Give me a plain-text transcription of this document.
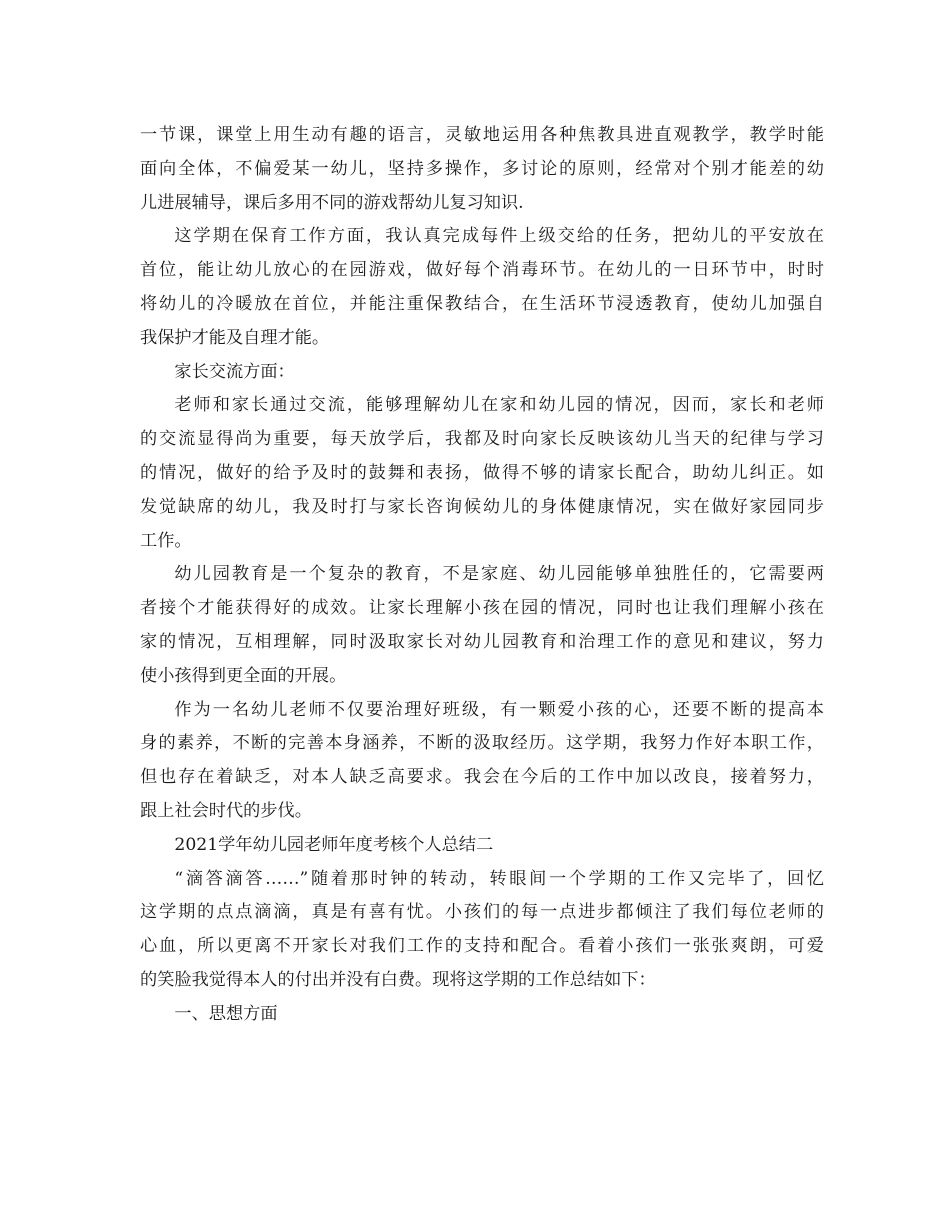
一节课，课堂上用生动有趣的语言，灵敏地运用各种焦教具进直观教学，教学时能
面向全体，不偏爱某一幼儿，坚持多操作，多讨论的原则，经常对个别才能差的幼
儿进展辅导，课后多用不同的游戏帮幼儿复习知识.
这学期在保育工作方面，我认真完成每件上级交给的任务，把幼儿的平安放在
首位，能让幼儿放心的在园游戏，做好每个消毒环节。在幼儿的一日环节中，时时
将幼儿的冷暖放在首位，并能注重保教结合，在生活环节浸透教育，使幼儿加强自
我保护才能及自理才能。
家长交流方面：
老师和家长通过交流，能够理解幼儿在家和幼儿园的情况，因而，家长和老师
的交流显得尚为重要，每天放学后，我都及时向家长反映该幼儿当天的纪律与学习
的情况，做好的给予及时的鼓舞和表扬，做得不够的请家长配合，助幼儿纠正。如
发觉缺席的幼儿，我及时打与家长咨询候幼儿的身体健康情况，实在做好家园同步
工作。
幼儿园教育是一个复杂的教育，不是家庭、幼儿园能够单独胜任的，它需要两
者接个才能获得好的成效。让家长理解小孩在园的情况，同时也让我们理解小孩在
家的情况，互相理解，同时汲取家长对幼儿园教育和治理工作的意见和建议，努力
使小孩得到更全面的开展。
作为一名幼儿老师不仅要治理好班级，有一颗爱小孩的心，还要不断的提高本
身的素养，不断的完善本身涵养，不断的汲取经历。这学期，我努力作好本职工作，
但也存在着缺乏，对本人缺乏高要求。我会在今后的工作中加以改良，接着努力，
跟上社会时代的步伐。
2021学年幼儿园老师年度考核个人总结二
“滴答滴答……”随着那时钟的转动，转眼间一个学期的工作又完毕了，回忆
这学期的点点滴滴，真是有喜有忧。小孩们的每一点进步都倾注了我们每位老师的
心血，所以更离不开家长对我们工作的支持和配合。看着小孩们一张张爽朗，可爱
的笑脸我觉得本人的付出并没有白费。现将这学期的工作总结如下：
一、思想方面
